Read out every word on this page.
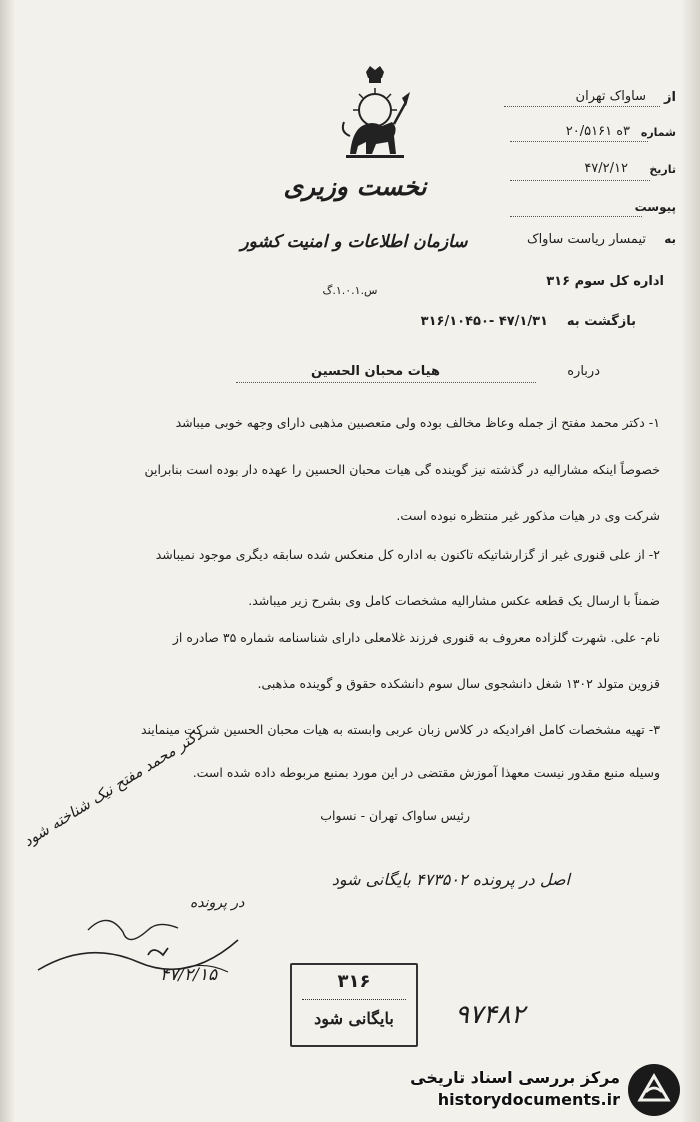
نخست وزیری
سازمان اطلاعات و امنیت کشور
س.۱.۰.۱.گ
از
ساواک تهران
شماره
۳ه ۲۰/۵۱۶۱
تاریخ
۴۷/۲/۱۲
پیوست
به
تیمسار ریاست ساواک
اداره کل سوم ۳۱۶
بازگشت به
۳۱۶/۱۰۴۵۰- ۴۷/۱/۳۱
درباره
هیات محبان الحسین
۱- دکتر محمد مفتح از جمله وعاظ مخالف بوده ولی متعصبین مذهبی دارای وجهه خوبی میباشد
خصوصاً اینکه مشارالیه در گذشته نیز گوینده گی هیات محبان الحسین را عهده دار بوده است بنابراین
شرکت وی در هیات مذکور غیر منتظره نبوده است.
۲- از علی قنوری غیر از گزارشاتیکه تاکنون به اداره کل منعکس شده سابقه دیگری موجود نمیباشد
ضمناً با ارسال یک قطعه عکس مشارالیه مشخصات کامل وی بشرح زیر میباشد.
نام- علی. شهرت گلزاده معروف به قنوری فرزند غلامعلی دارای شناسنامه شماره ۳۵ صادره از
قزوین متولد ۱۳۰۲ شغل دانشجوی سال سوم دانشکده حقوق و گوینده مذهبی.
۳- تهیه مشخصات کامل افرادیکه در کلاس زبان عربی وابسته به هیات محبان الحسین شرکت مینمایند
وسیله منبع مقدور نیست معهذا آموزش مقتضی در این مورد بمنبع مربوطه داده شده است.
رئیس ساواک تهران - نسواب
دکتر محمد مفتح نیک شناخته شود
اصل در پرونده ۴۷۳۵۰۲ بایگانی شود
در پرونده
۴۷/۲/۱۵	۳۱۶
بایگانی شود	۹۷۴۸۲
مرکز بررسی اسناد تاریخی
historydocuments.ir
